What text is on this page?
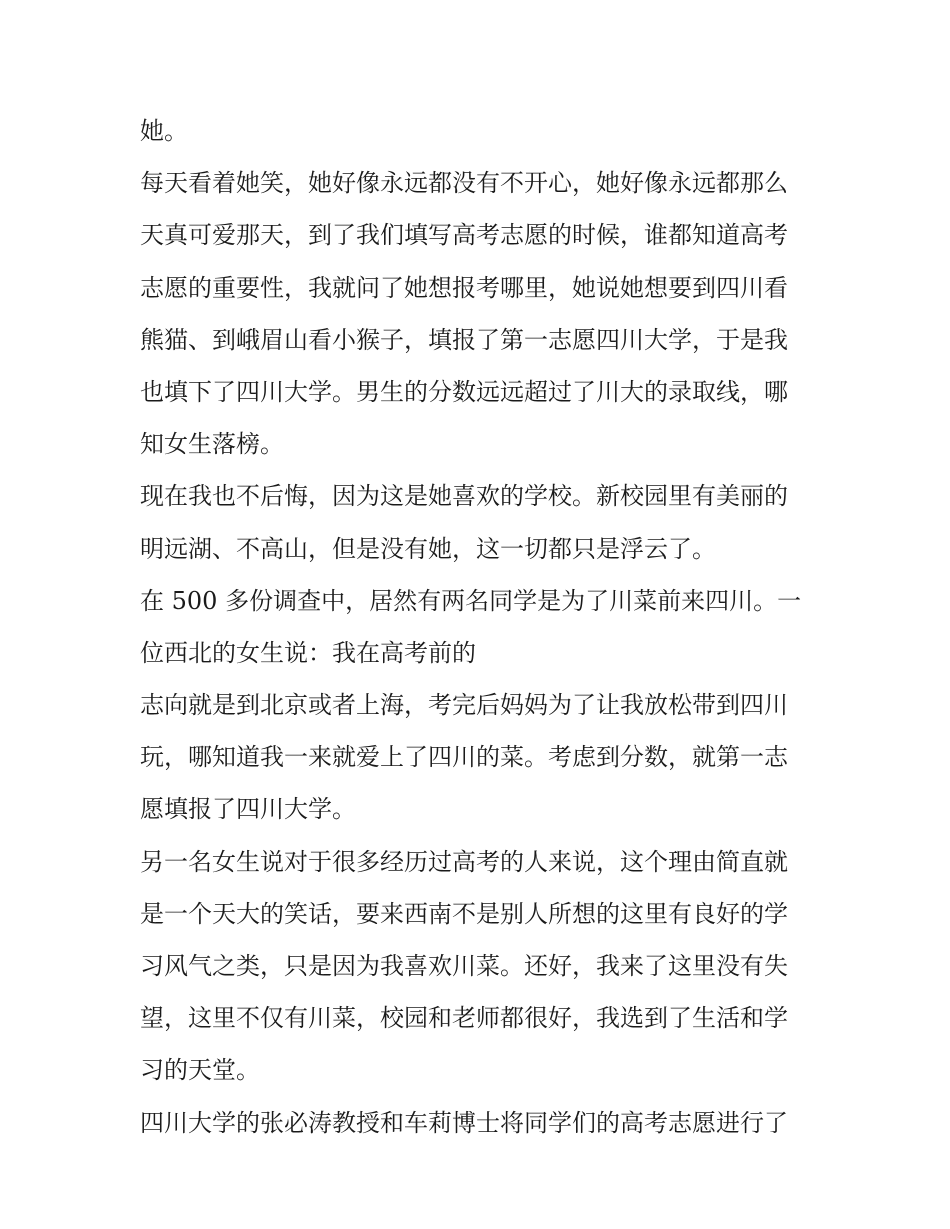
她。
每天看着她笑，她好像永远都没有不开心，她好像永远都那么
天真可爱那天，到了我们填写高考志愿的时候，谁都知道高考
志愿的重要性，我就问了她想报考哪里，她说她想要到四川看
熊猫、到峨眉山看小猴子，填报了第一志愿四川大学，于是我
也填下了四川大学。男生的分数远远超过了川大的录取线，哪
知女生落榜。
现在我也不后悔，因为这是她喜欢的学校。新校园里有美丽的
明远湖、不高山，但是没有她，这一切都只是浮云了。
在 500 多份调查中，居然有两名同学是为了川菜前来四川。一
位西北的女生说：我在高考前的
志向就是到北京或者上海，考完后妈妈为了让我放松带到四川
玩，哪知道我一来就爱上了四川的菜。考虑到分数，就第一志
愿填报了四川大学。
另一名女生说对于很多经历过高考的人来说，这个理由简直就
是一个天大的笑话，要来西南不是别人所想的这里有良好的学
习风气之类，只是因为我喜欢川菜。还好，我来了这里没有失
望，这里不仅有川菜，校园和老师都很好，我选到了生活和学
习的天堂。
四川大学的张必涛教授和车莉博士将同学们的高考志愿进行了
